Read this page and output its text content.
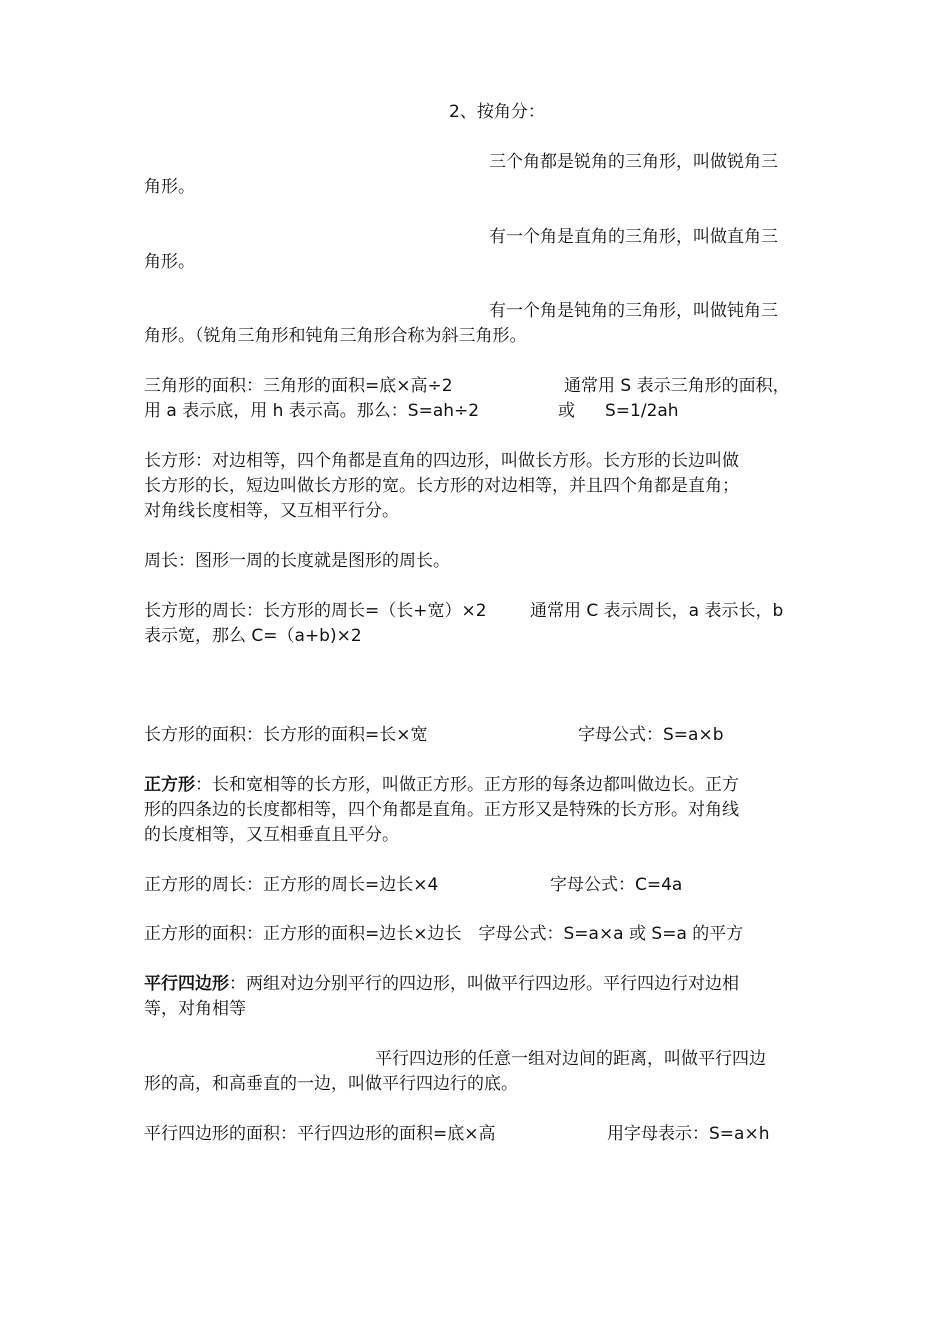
2、按角分：
三个角都是锐角的三角形，叫做锐角三
角形。
有一个角是直角的三角形，叫做直角三
角形。
有一个角是钝角的三角形，叫做钝角三
角形。（锐角三角形和钝角三角形合称为斜三角形。
三角形的面积：三角形的面积=底×高÷2	通常用 S 表示三角形的面积，
用 a 表示底，用 h 表示高。那么：S=ah÷2	或 S=1/2ah
长方形：对边相等，四个角都是直角的四边形，叫做长方形。长方形的长边叫做
长方形的长，短边叫做长方形的宽。长方形的对边相等，并且四个角都是直角；
对角线长度相等，又互相平行分。
周长：图形一周的长度就是图形的周长。
长方形的周长：长方形的周长=（长+宽）×2	通常用 C 表示周长，a 表示长，b
表示宽，那么 C=（a+b)×2
长方形的面积：长方形的面积=长×宽	字母公式：S=a×b
正方形：长和宽相等的长方形，叫做正方形。正方形的每条边都叫做边长。正方
形的四条边的长度都相等，四个角都是直角。正方形又是特殊的长方形。对角线
的长度相等，又互相垂直且平分。
正方形的周长：正方形的周长=边长×4	字母公式：C=4a
正方形的面积：正方形的面积=边长×边长　字母公式：S=a×a 或 S=a 的平方
平行四边形：两组对边分别平行的四边形，叫做平行四边形。平行四边行对边相
等，对角相等
平行四边形的任意一组对边间的距离，叫做平行四边
形的高，和高垂直的一边，叫做平行四边行的底。
平行四边形的面积：平行四边形的面积=底×高	用字母表示：S=a×h
